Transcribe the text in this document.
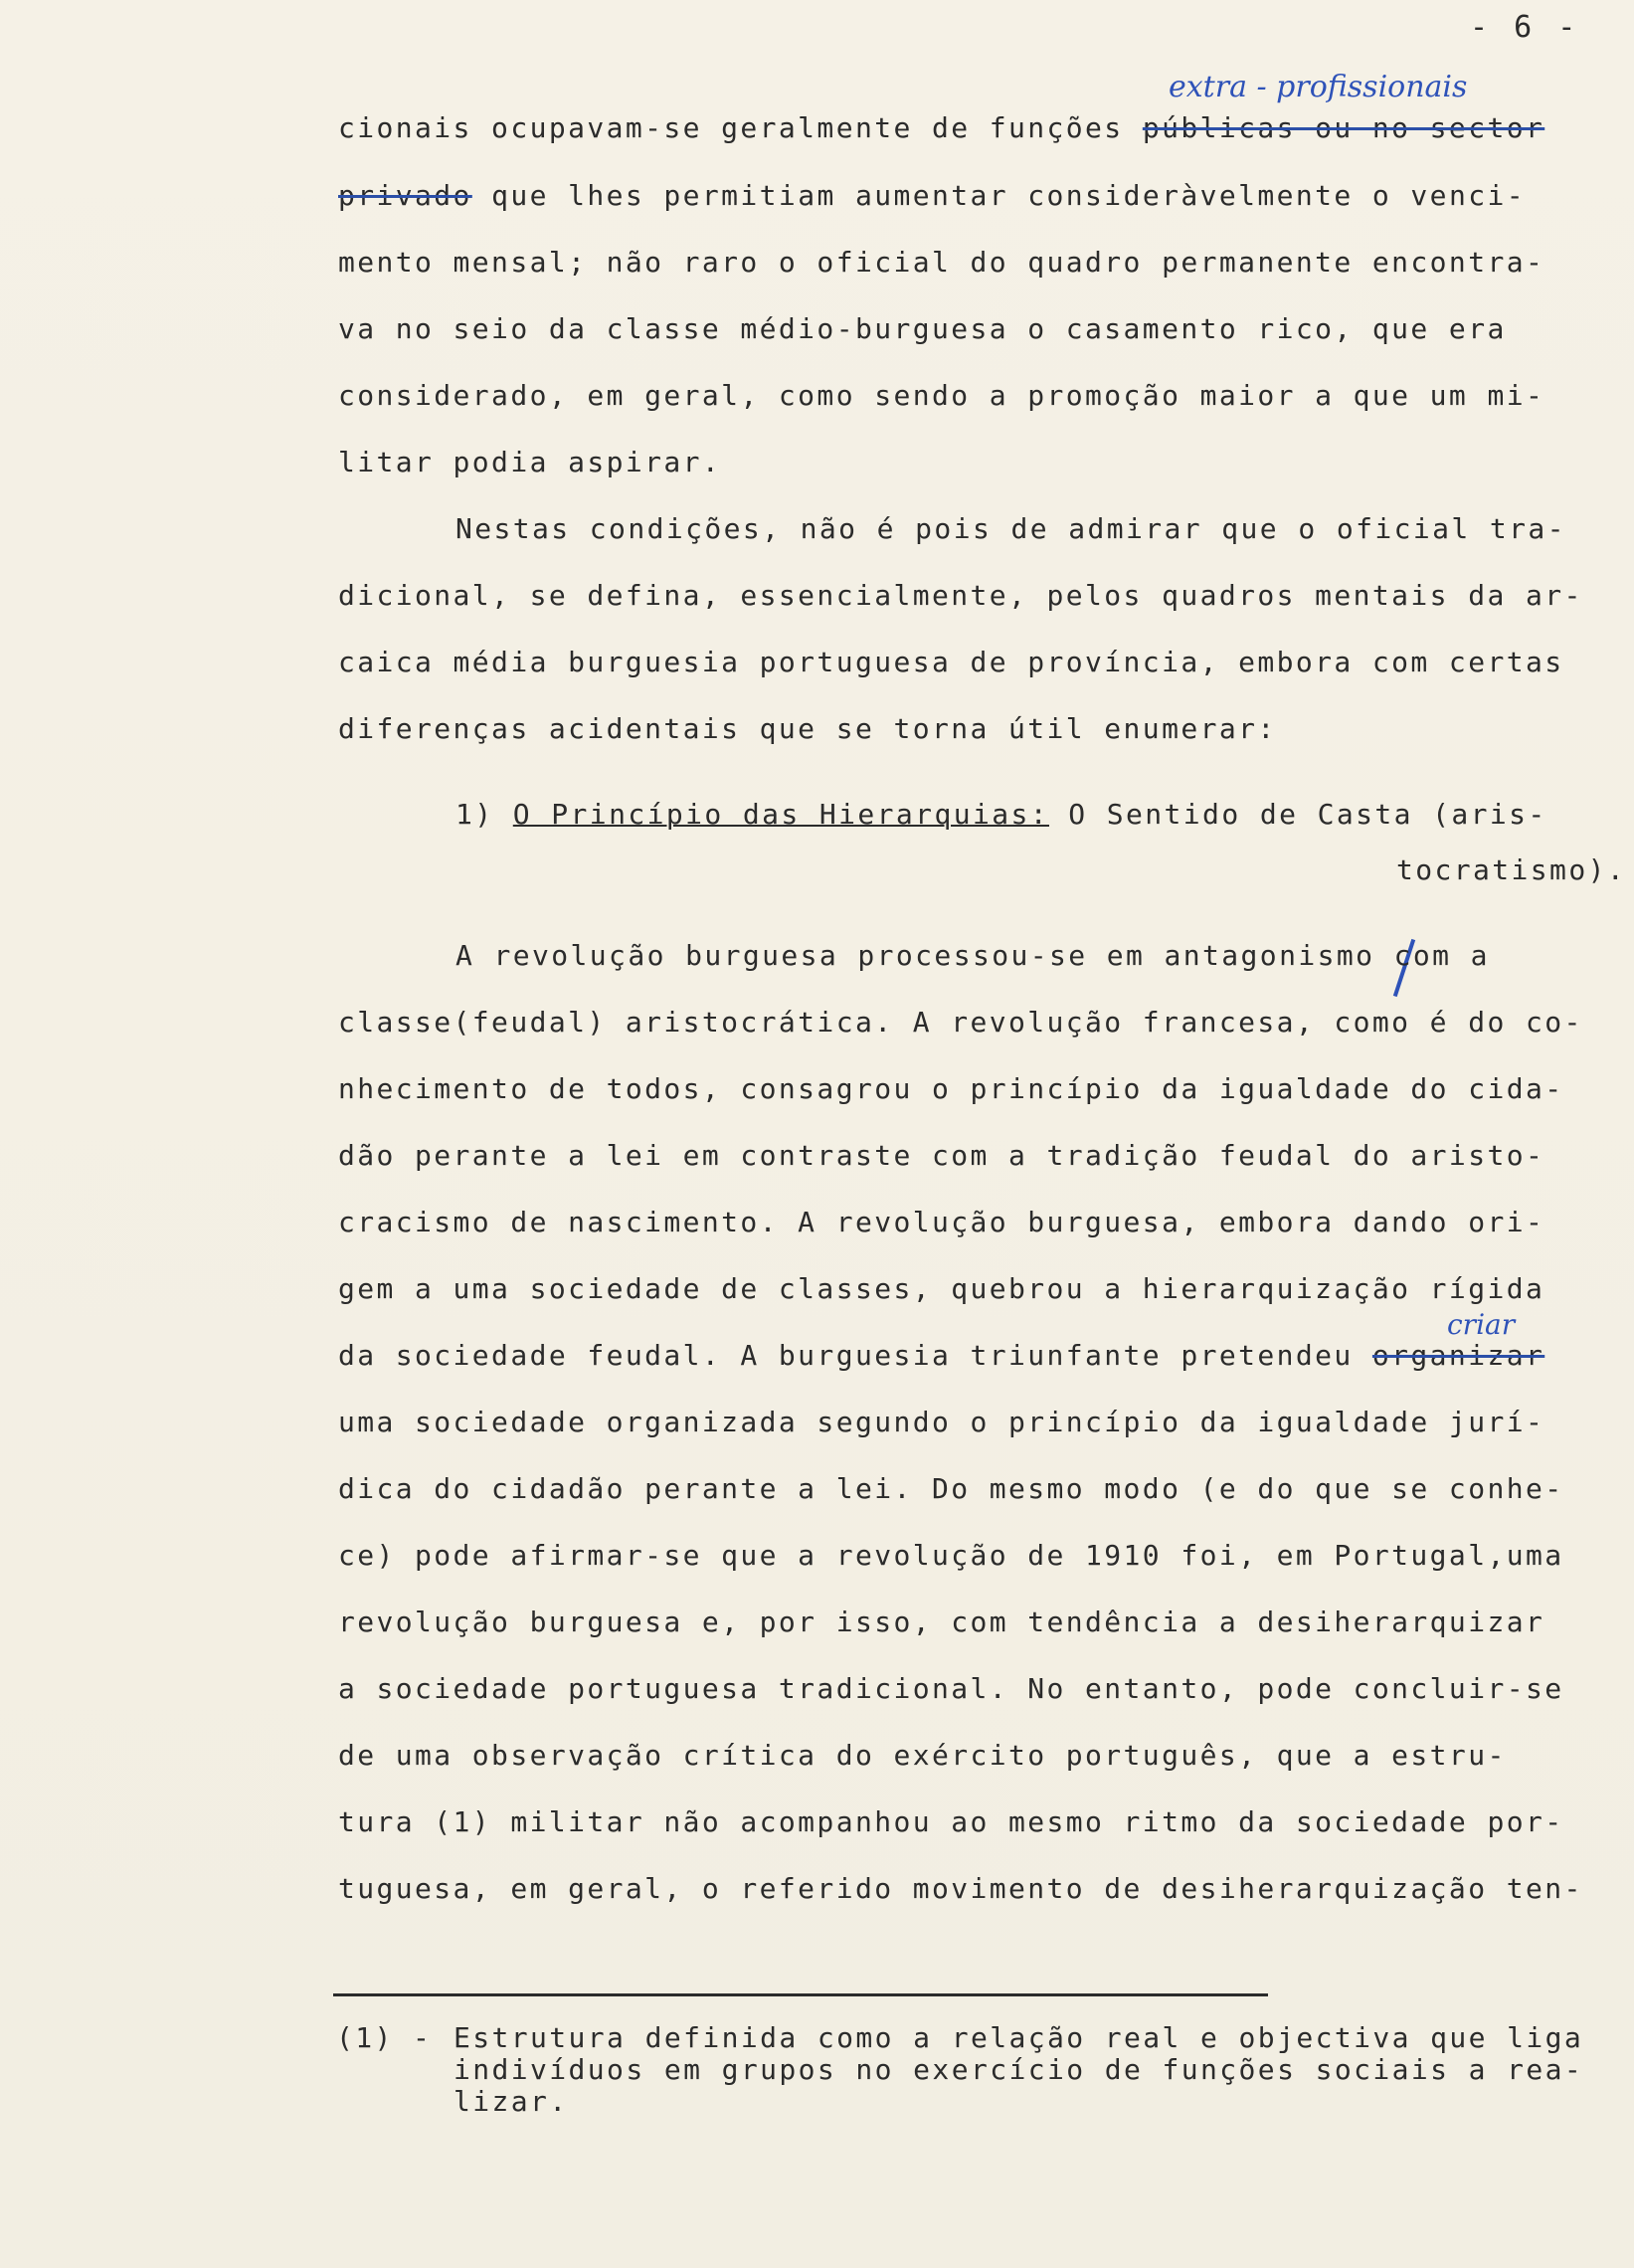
- 6 -
extra - profissionais
criar
cionais ocupavam-se geralmente de funções públicas ou no sector
privado que lhes permitiam aumentar consideràvelmente o venci-
mento mensal; não raro o oficial do quadro permanente encontra-
va no seio da classe médio-burguesa o casamento rico, que era
considerado, em geral, como sendo a promoção maior a que um mi-
litar podia aspirar.
Nestas condições, não é pois de admirar que o oficial tra-
dicional, se defina, essencialmente, pelos quadros mentais da ar-
caica média burguesia portuguesa de província, embora com certas
diferenças acidentais que se torna útil enumerar:
1) O Princípio das Hierarquias: O Sentido de Casta (aris-
tocratismo).
A revolução burguesa processou-se em antagonismo com a
classe(feudal) aristocrática. A revolução francesa, como é do co-
nhecimento de todos, consagrou o princípio da igualdade do cida-
dão perante a lei em contraste com a tradição feudal do aristo-
cracismo de nascimento. A revolução burguesa, embora dando ori-
gem a uma sociedade de classes, quebrou a hierarquização rígida
da sociedade feudal. A burguesia triunfante pretendeu organizar
uma sociedade organizada segundo o princípio da igualdade jurí-
dica do cidadão perante a lei. Do mesmo modo (e do que se conhe-
ce) pode afirmar-se que a revolução de 1910 foi, em Portugal,uma
revolução burguesa e, por isso, com tendência a desiherarquizar
a sociedade portuguesa tradicional. No entanto, pode concluir-se
de uma observação crítica do exército português, que a estru-
tura (1) militar não acompanhou ao mesmo ritmo da sociedade por-
tuguesa, em geral, o referido movimento de desiherarquização ten-
(1) - Estrutura definida como a relação real e objectiva que liga
indivíduos em grupos no exercício de funções sociais a rea-
lizar.
